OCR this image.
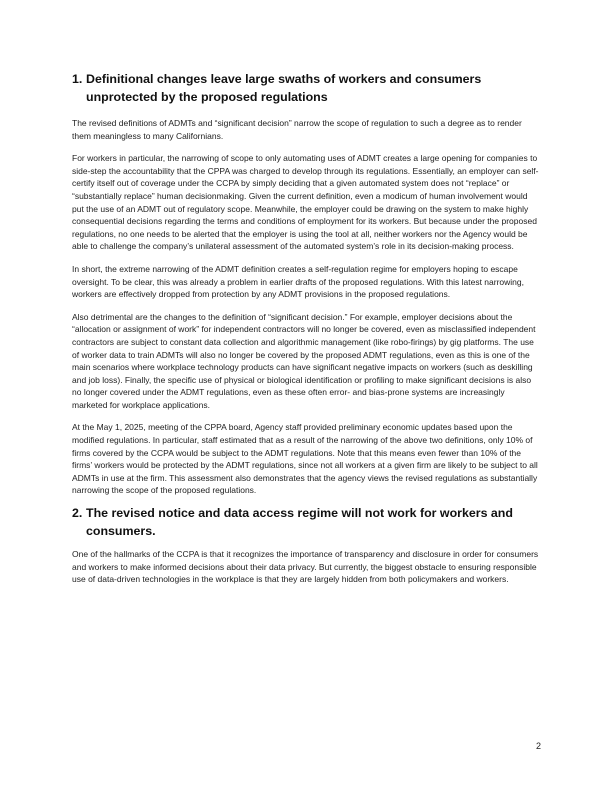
1. Definitional changes leave large swaths of workers and consumers unprotected by the proposed regulations

The revised definitions of ADMTs and “significant decision” narrow the scope of regulation to such a degree as to render them meaningless to many Californians.

For workers in particular, the narrowing of scope to only automating uses of ADMT creates a large opening for companies to side-step the accountability that the CPPA was charged to develop through its regulations. Essentially, an employer can self-certify itself out of coverage under the CCPA by simply deciding that a given automated system does not “replace” or “substantially replace” human decisionmaking. Given the current definition, even a modicum of human involvement would put the use of an ADMT out of regulatory scope. Meanwhile, the employer could be drawing on the system to make highly consequential decisions regarding the terms and conditions of employment for its workers. But because under the proposed regulations, no one needs to be alerted that the employer is using the tool at all, neither workers nor the Agency would be able to challenge the company’s unilateral assessment of the automated system’s role in its decision-making process.

In short, the extreme narrowing of the ADMT definition creates a self-regulation regime for employers hoping to escape oversight. To be clear, this was already a problem in earlier drafts of the proposed regulations. With this latest narrowing, workers are effectively dropped from protection by any ADMT provisions in the proposed regulations.

Also detrimental are the changes to the definition of “significant decision.” For example, employer decisions about the “allocation or assignment of work” for independent contractors will no longer be covered, even as misclassified independent contractors are subject to constant data collection and algorithmic management (like robo-firings) by gig platforms. The use of worker data to train ADMTs will also no longer be covered by the proposed ADMT regulations, even as this is one of the main scenarios where workplace technology products can have significant negative impacts on workers (such as deskilling and job loss). Finally, the specific use of physical or biological identification or profiling to make significant decisions is also no longer covered under the ADMT regulations, even as these often error- and bias-prone systems are increasingly marketed for workplace applications.

At the May 1, 2025, meeting of the CPPA board, Agency staff provided preliminary economic updates based upon the modified regulations. In particular, staff estimated that as a result of the narrowing of the above two definitions, only 10% of firms covered by the CCPA would be subject to the ADMT regulations. Note that this means even fewer than 10% of the firms’ workers would be protected by the ADMT regulations, since not all workers at a given firm are likely to be subject to all ADMTs in use at the firm. This assessment also demonstrates that the agency views the revised regulations as substantially narrowing the scope of the proposed regulations.

2. The revised notice and data access regime will not work for workers and consumers.

One of the hallmarks of the CCPA is that it recognizes the importance of transparency and disclosure in order for consumers and workers to make informed decisions about their data privacy. But currently, the biggest obstacle to ensuring responsible use of data-driven technologies in the workplace is that they are largely hidden from both policymakers and workers.

2
